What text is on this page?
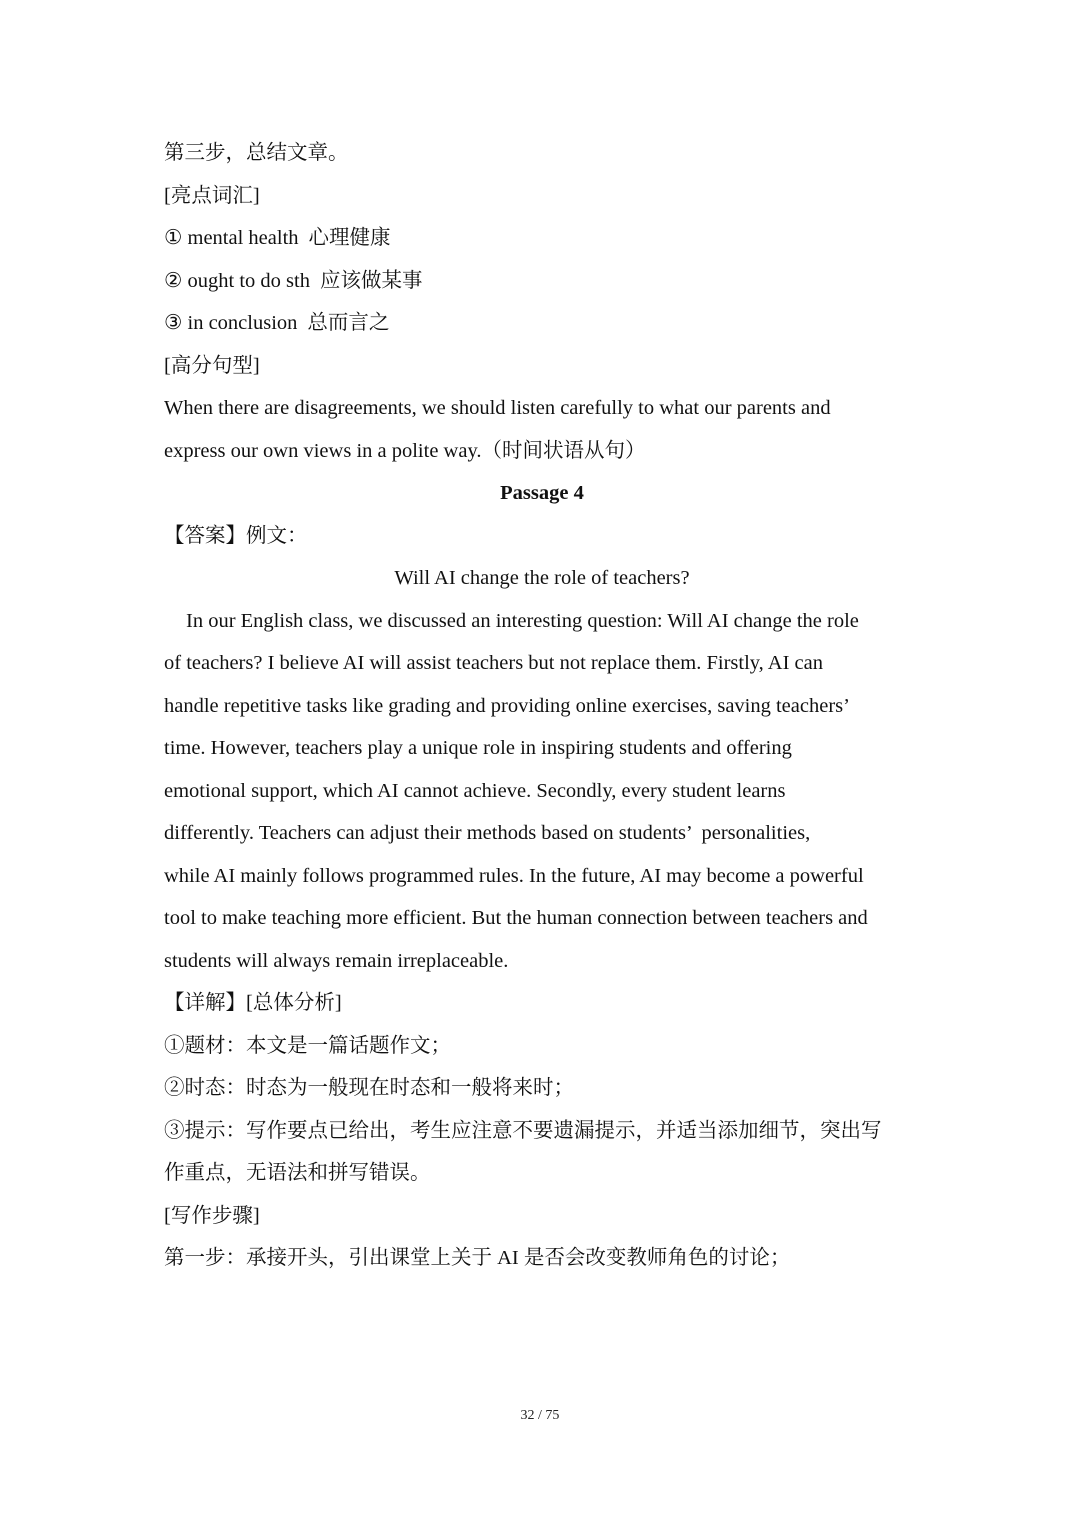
第三步，总结文章。

[亮点词汇]

① mental health 心理健康

② ought to do sth 应该做某事

③ in conclusion 总而言之

[高分句型]

When there are disagreements, we should listen carefully to what our parents and

express our own views in a polite way.（时间状语从句）

Passage 4

【答案】例文：

Will AI change the role of teachers?

In our English class, we discussed an interesting question: Will AI change the role

of teachers? I believe AI will assist teachers but not replace them. Firstly, AI can

handle repetitive tasks like grading and providing online exercises, saving teachers’

time. However, teachers play a unique role in inspiring students and offering

emotional support, which AI cannot achieve. Secondly, every student learns

differently. Teachers can adjust their methods based on students’  personalities,

while AI mainly follows programmed rules. In the future, AI may become a powerful

tool to make teaching more efficient. But the human connection between teachers and

students will always remain irreplaceable.

【详解】[总体分析]

①题材：本文是一篇话题作文；

②时态：时态为一般现在时态和一般将来时；

③提示：写作要点已给出，考生应注意不要遗漏提示，并适当添加细节，突出写

作重点，无语法和拼写错误。

[写作步骤]

第一步：承接开头，引出课堂上关于 AI 是否会改变教师角色的讨论；

32 / 75
